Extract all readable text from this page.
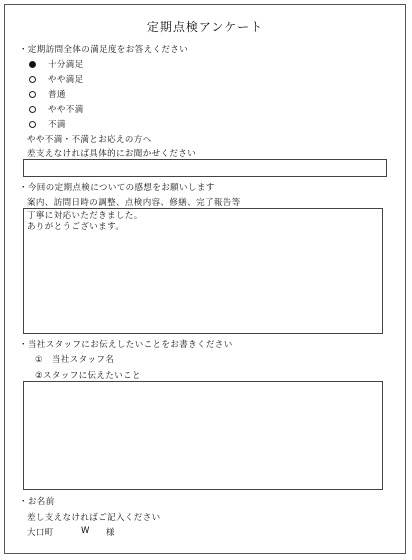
定期点検アンケート
・定期訪問全体の満足度をお答えください
十分満足
やや満足
普通
やや不満
不満
やや不満・不満とお応えの方へ
差支えなければ具体的にお聞かせください
・今回の定期点検についての感想をお願いします
案内、訪問日時の調整、点検内容、修繕、完了報告等
丁寧に対応いただきました。
ありがとうございます。
・当社スタッフにお伝えしたいことをお書きください
①　当社スタッフ名
②スタッフに伝えたいこと
・お名前
差し支えなければご記入ください
大口町	W 様
